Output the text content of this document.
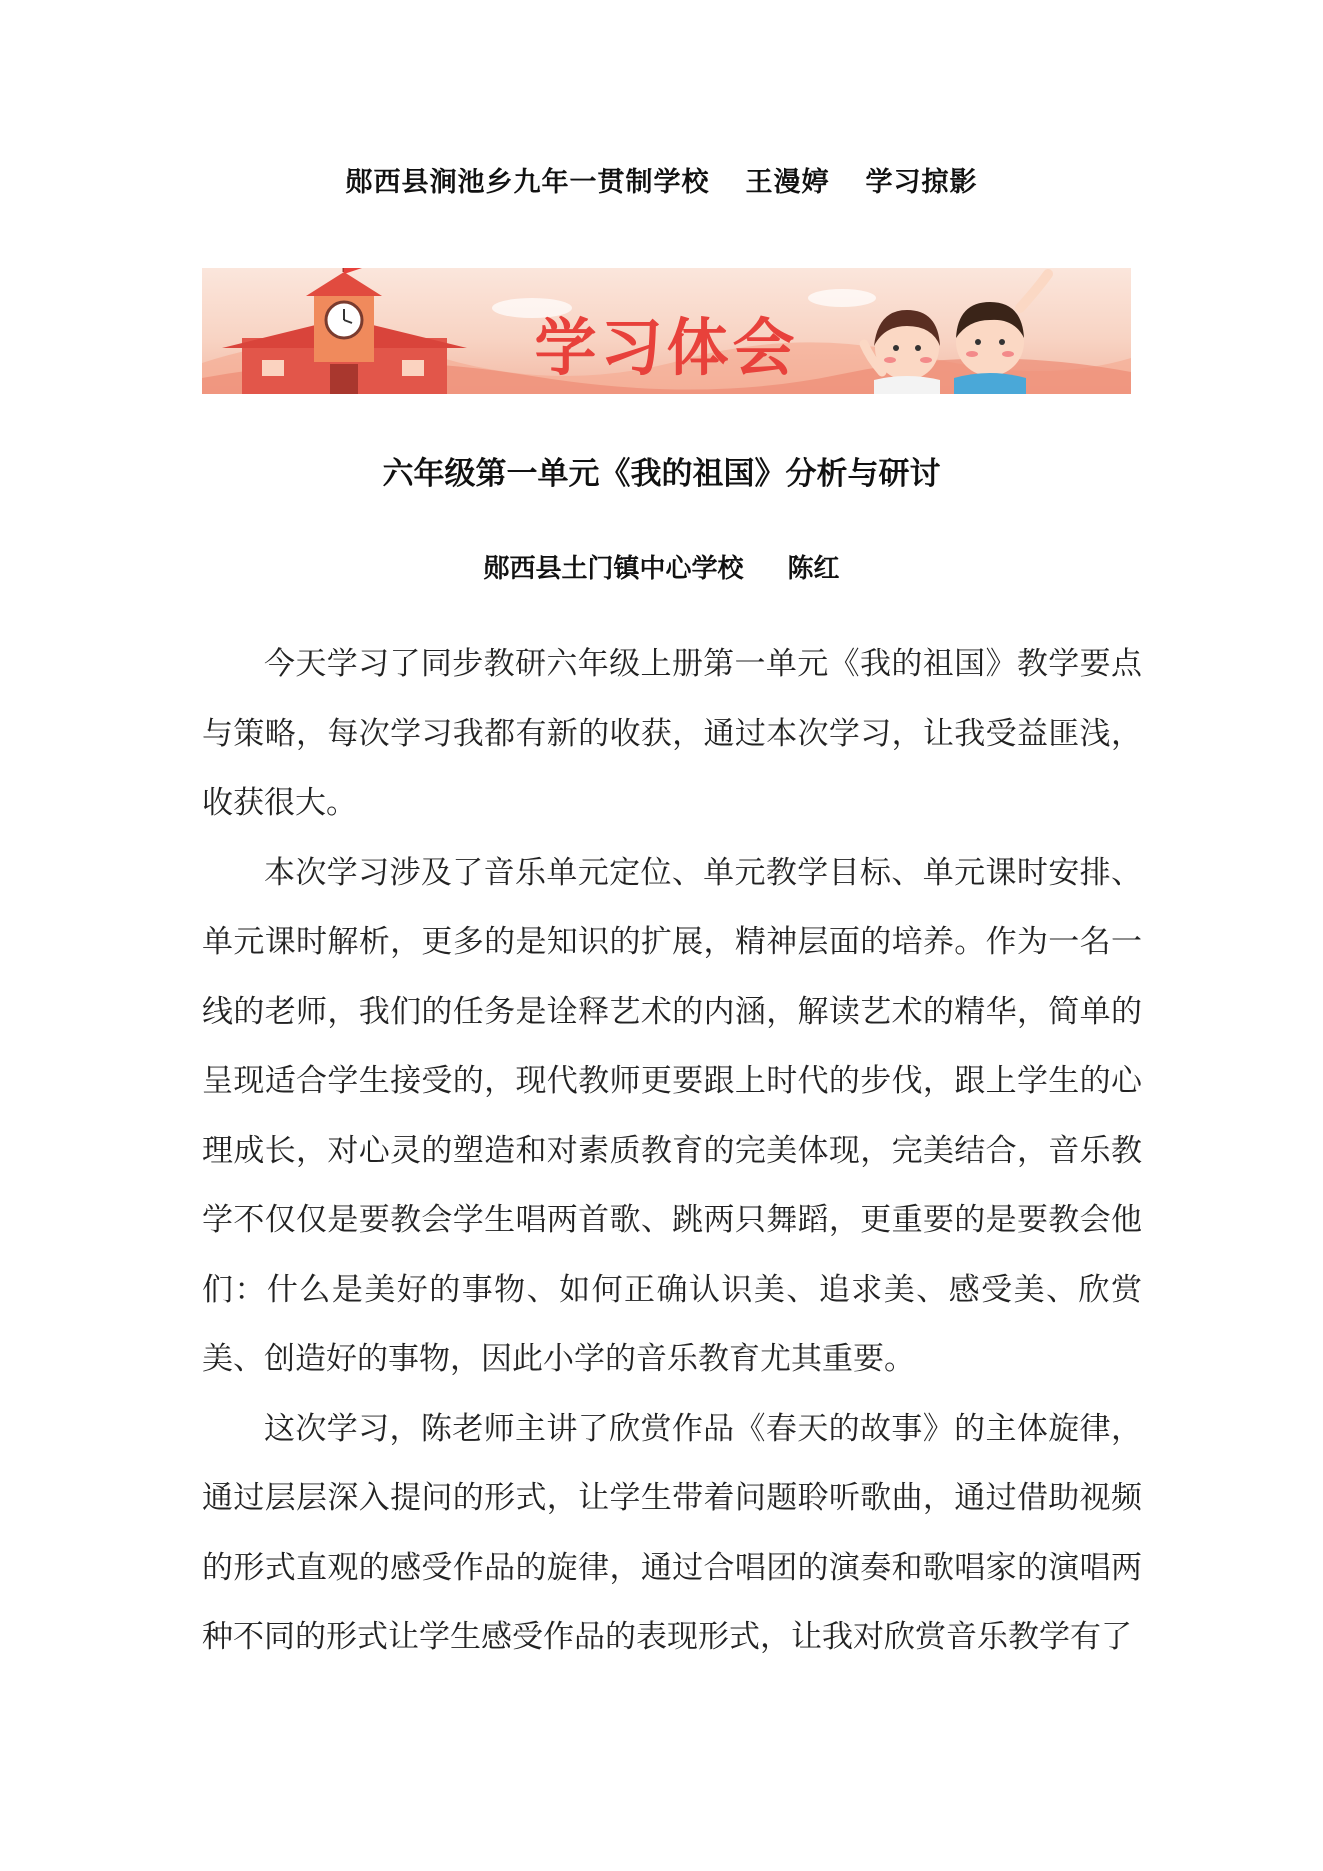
郧西县涧池乡九年一贯制学校 王漫婷 学习掠影
学习体会
六年级第一单元《我的祖国》分析与研讨
郧西县土门镇中心学校 陈红

今天学习了同步教研六年级上册第一单元《我的祖国》教学要点与策略，每次学习我都有新的收获，通过本次学习，让我受益匪浅，收获很大。

本次学习涉及了音乐单元定位、单元教学目标、单元课时安排、单元课时解析，更多的是知识的扩展，精神层面的培养。作为一名一线的老师，我们的任务是诠释艺术的内涵，解读艺术的精华，简单的呈现适合学生接受的，现代教师更要跟上时代的步伐，跟上学生的心理成长，对心灵的塑造和对素质教育的完美体现，完美结合，音乐教学不仅仅是要教会学生唱两首歌、跳两只舞蹈，更重要的是要教会他们：什么是美好的事物、如何正确认识美、追求美、感受美、欣赏美、创造好的事物，因此小学的音乐教育尤其重要。

这次学习，陈老师主讲了欣赏作品《春天的故事》的主体旋律，通过层层深入提问的形式，让学生带着问题聆听歌曲，通过借助视频的形式直观的感受作品的旋律，通过合唱团的演奏和歌唱家的演唱两种不同的形式让学生感受作品的表现形式，让我对欣赏音乐教学有了
